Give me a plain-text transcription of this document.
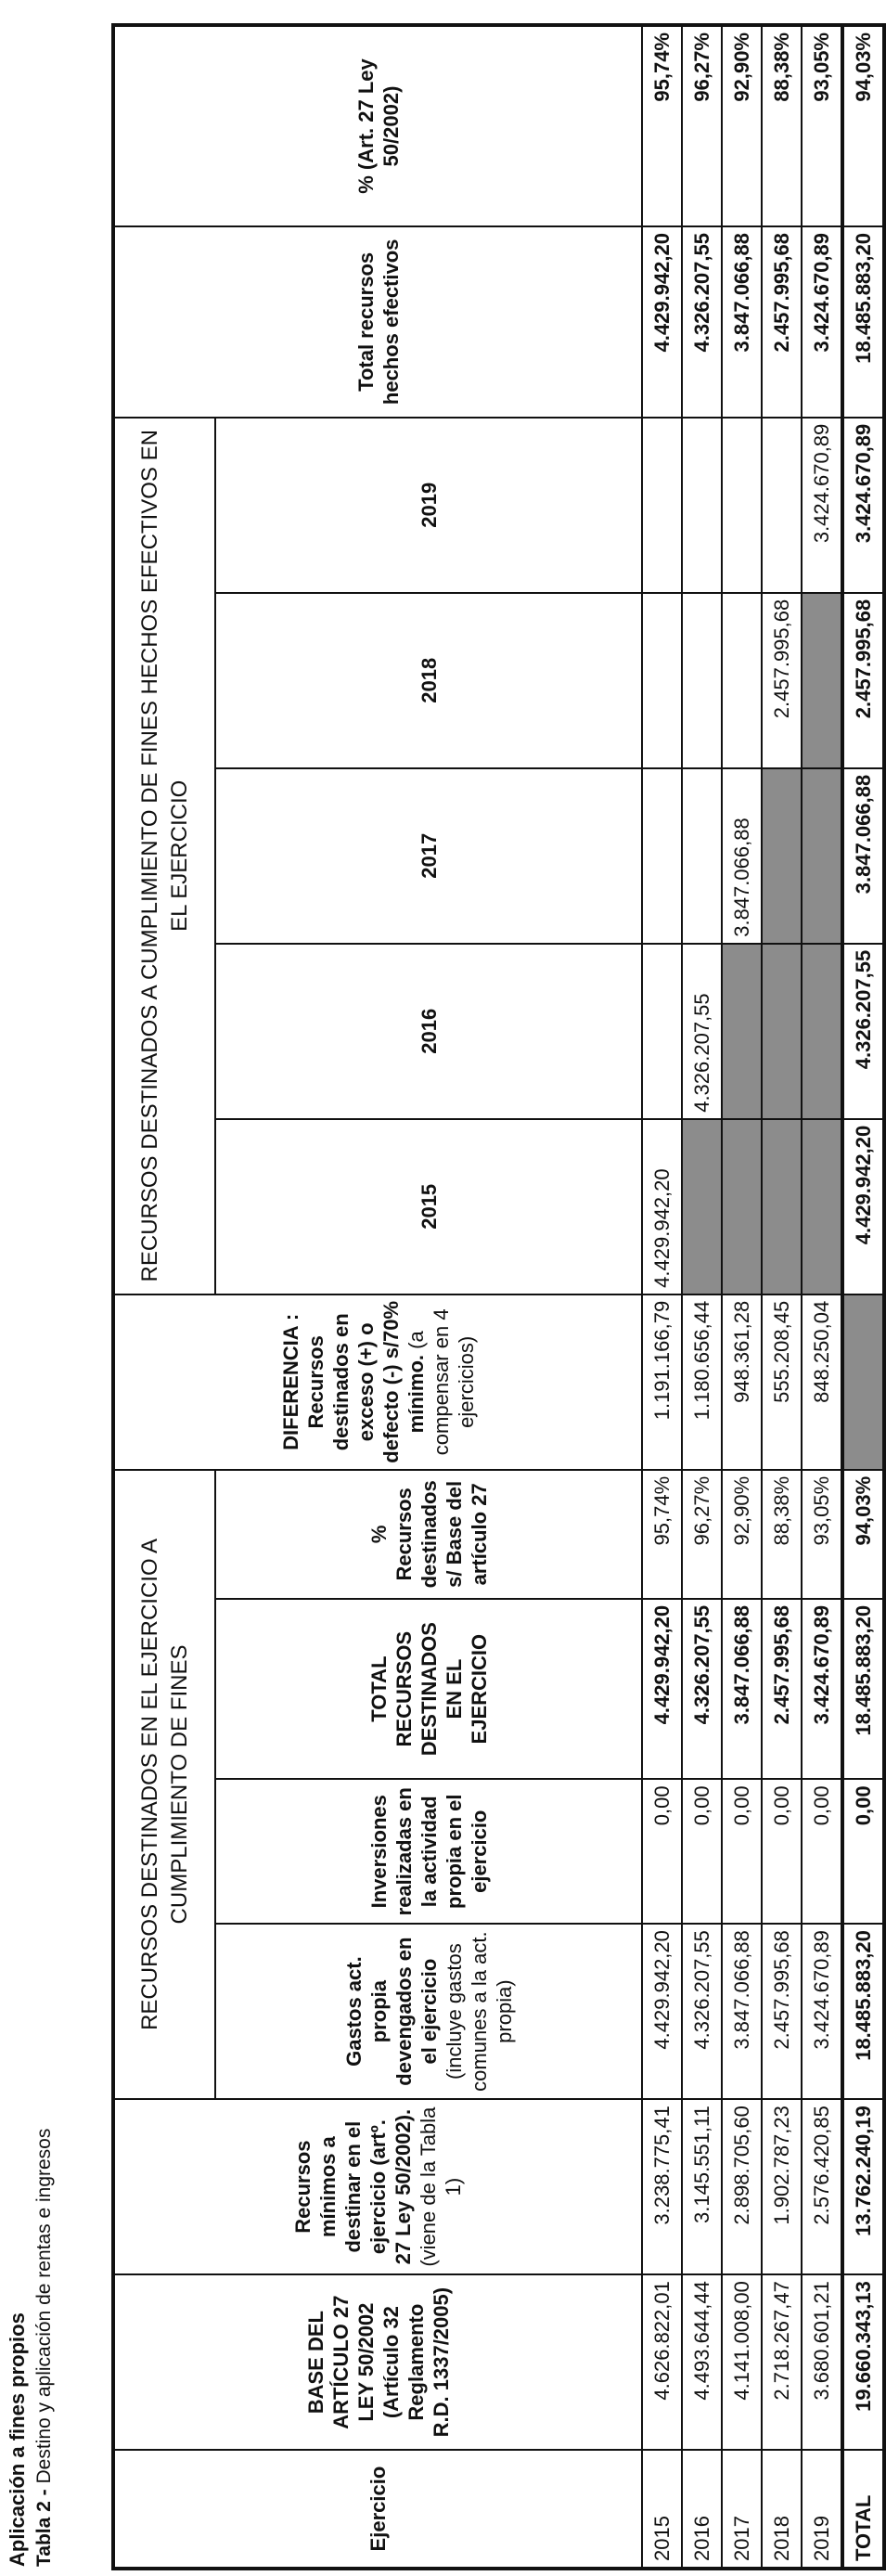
Aplicación a fines propios Tabla 2 - Destino y aplicación de rentas e ingresos
Ejercicio	BASE DEL ARTÍCULO 27 LEY 50/2002 (Artículo 32 Reglamento R.D. 1337/2005)	Recursos mínimos a destinar en el ejercicio (artº. 27 Ley 50/2002).
(viene de la Tabla 1)	RECURSOS DESTINADOS EN EL EJERCICIO A CUMPLIMIENTO DE FINES				DIFERENCIA : Recursos destinados en exceso (+) o defecto (-) s/70% mínimo. (a compensar en 4 ejercicios)	RECURSOS DESTINADOS A CUMPLIMIENTO DE FINES HECHOS EFECTIVOS EN EL EJERCICIO					Total recursos hechos efectivos	% (Art. 27 Ley 50/2002)
			Gastos act. propia devengados en el ejercicio (incluye gastos comunes a la act. propia)	Inversiones realizadas en la actividad propia en el ejercicio	TOTAL RECURSOS DESTINADOS EN EL EJERCICIO	% Recursos destinados s/ Base del artículo 27		2015	2016	2017	2018	2019		
2015	4.626.822,01	3.238.775,41	4.429.942,20	0,00	4.429.942,20	95,74%	1.191.166,79	4.429.942,20					4.429.942,20	95,74%
2016	4.493.644,44	3.145.551,11	4.326.207,55	0,00	4.326.207,55	96,27%	1.180.656,44		4.326.207,55				4.326.207,55	96,27%
2017	4.141.008,00	2.898.705,60	3.847.066,88	0,00	3.847.066,88	92,90%	948.361,28			3.847.066,88			3.847.066,88	92,90%
2018	2.718.267,47	1.902.787,23	2.457.995,68	0,00	2.457.995,68	88,38%	555.208,45				2.457.995,68		2.457.995,68	88,38%
2019	3.680.601,21	2.576.420,85	3.424.670,89	0,00	3.424.670,89	93,05%	848.250,04					3.424.670,89	3.424.670,89	93,05%
TOTAL	19.660.343,13	13.762.240,19	18.485.883,20	0,00	18.485.883,20	94,03%		4.429.942,20	4.326.207,55	3.847.066,88	2.457.995,68	3.424.670,89	18.485.883,20	94,03%
